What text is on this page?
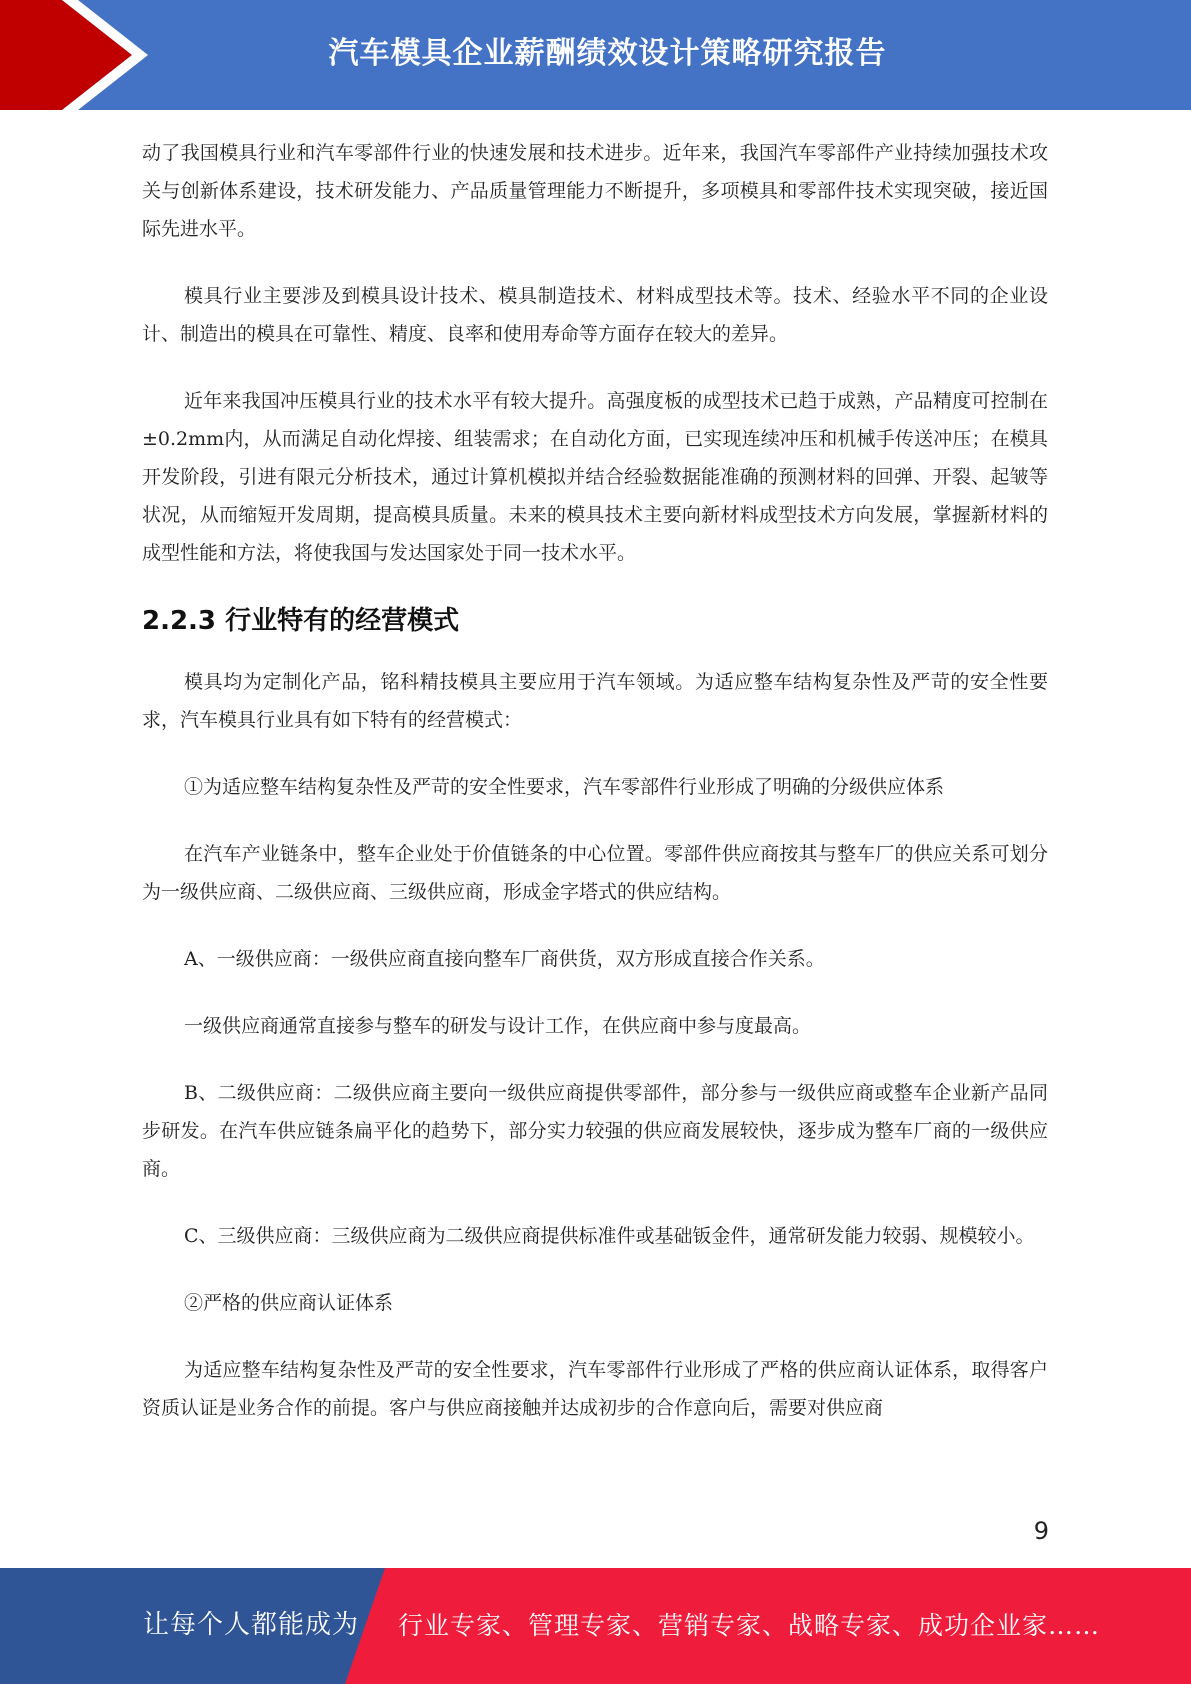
汽车模具企业薪酬绩效设计策略研究报告

动了我国模具行业和汽车零部件行业的快速发展和技术进步。近年来，我国汽车零部件产业持续加强技术攻关与创新体系建设，技术研发能力、产品质量管理能力不断提升，多项模具和零部件技术实现突破，接近国际先进水平。

模具行业主要涉及到模具设计技术、模具制造技术、材料成型技术等。技术、经验水平不同的企业设计、制造出的模具在可靠性、精度、良率和使用寿命等方面存在较大的差异。

近年来我国冲压模具行业的技术水平有较大提升。高强度板的成型技术已趋于成熟，产品精度可控制在±0.2mm内，从而满足自动化焊接、组装需求；在自动化方面，已实现连续冲压和机械手传送冲压；在模具开发阶段，引进有限元分析技术，通过计算机模拟并结合经验数据能准确的预测材料的回弹、开裂、起皱等状况，从而缩短开发周期，提高模具质量。未来的模具技术主要向新材料成型技术方向发展，掌握新材料的成型性能和方法，将使我国与发达国家处于同一技术水平。

2.2.3 行业特有的经营模式

模具均为定制化产品，铭科精技模具主要应用于汽车领域。为适应整车结构复杂性及严苛的安全性要求，汽车模具行业具有如下特有的经营模式：

①为适应整车结构复杂性及严苛的安全性要求，汽车零部件行业形成了明确的分级供应体系

在汽车产业链条中，整车企业处于价值链条的中心位置。零部件供应商按其与整车厂的供应关系可划分为一级供应商、二级供应商、三级供应商，形成金字塔式的供应结构。

A、一级供应商：一级供应商直接向整车厂商供货，双方形成直接合作关系。

一级供应商通常直接参与整车的研发与设计工作，在供应商中参与度最高。

B、二级供应商：二级供应商主要向一级供应商提供零部件，部分参与一级供应商或整车企业新产品同步研发。在汽车供应链条扁平化的趋势下，部分实力较强的供应商发展较快，逐步成为整车厂商的一级供应商。

C、三级供应商：三级供应商为二级供应商提供标准件或基础钣金件，通常研发能力较弱、规模较小。

②严格的供应商认证体系

为适应整车结构复杂性及严苛的安全性要求，汽车零部件行业形成了严格的供应商认证体系，取得客户资质认证是业务合作的前提。客户与供应商接触并达成初步的合作意向后，需要对供应商

9
让每个人都能成为 行业专家、管理专家、营销专家、战略专家、成功企业家……
